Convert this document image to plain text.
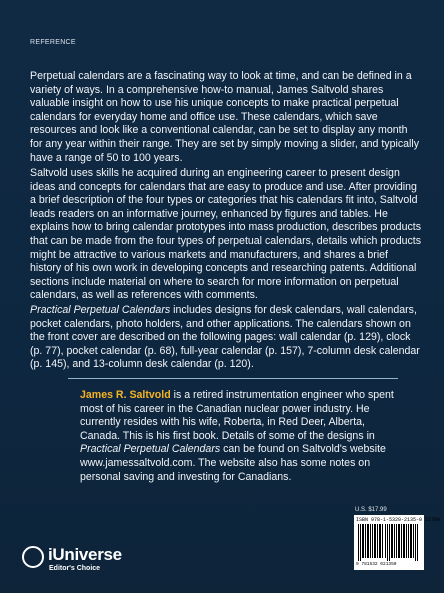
REFERENCE
Perpetual calendars are a fascinating way to look at time, and can be defined in a variety of ways. In a comprehensive how-to manual, James Saltvold shares valuable insight on how to use his unique concepts to make practical perpetual calendars for everyday home and office use. These calendars, which save resources and look like a conventional calendar, can be set to display any month for any year within their range. They are set by simply moving a slider, and typically have a range of 50 to 100 years.
Saltvold uses skills he acquired during an engineering career to present design ideas and concepts for calendars that are easy to produce and use. After providing a brief description of the four types or categories that his calendars fit into, Saltvold leads readers on an informative journey, enhanced by figures and tables. He explains how to bring calendar prototypes into mass production, describes products that can be made from the four types of perpetual calendars, details which products might be attractive to various markets and manufacturers, and shares a brief history of his own work in developing concepts and researching patents. Additional sections include material on where to search for more information on perpetual calendars, as well as references with comments.
Practical Perpetual Calendars includes designs for desk calendars, wall calendars, pocket calendars, photo holders, and other applications. The calendars shown on the front cover are described on the following pages: wall calendar (p. 129), clock (p. 77), pocket calendar (p. 68), full-year calendar (p. 157), 7-column desk calendar (p. 145), and 13-column desk calendar (p. 120).
James R. Saltvold is a retired instrumentation engineer who spent most of his career in the Canadian nuclear power industry. He currently resides with his wife, Roberta, in Red Deer, Alberta, Canada. This is his first book. Details of some of the designs in Practical Perpetual Calendars can be found on Saltvold's website www.jamessaltvold.com. The website also has some notes on personal saving and investing for Canadians.
U.S. $17.99
ISBN 978-1-5320-2135-0 51799
9 781532 021350
iUniverse
Editor's Choice
